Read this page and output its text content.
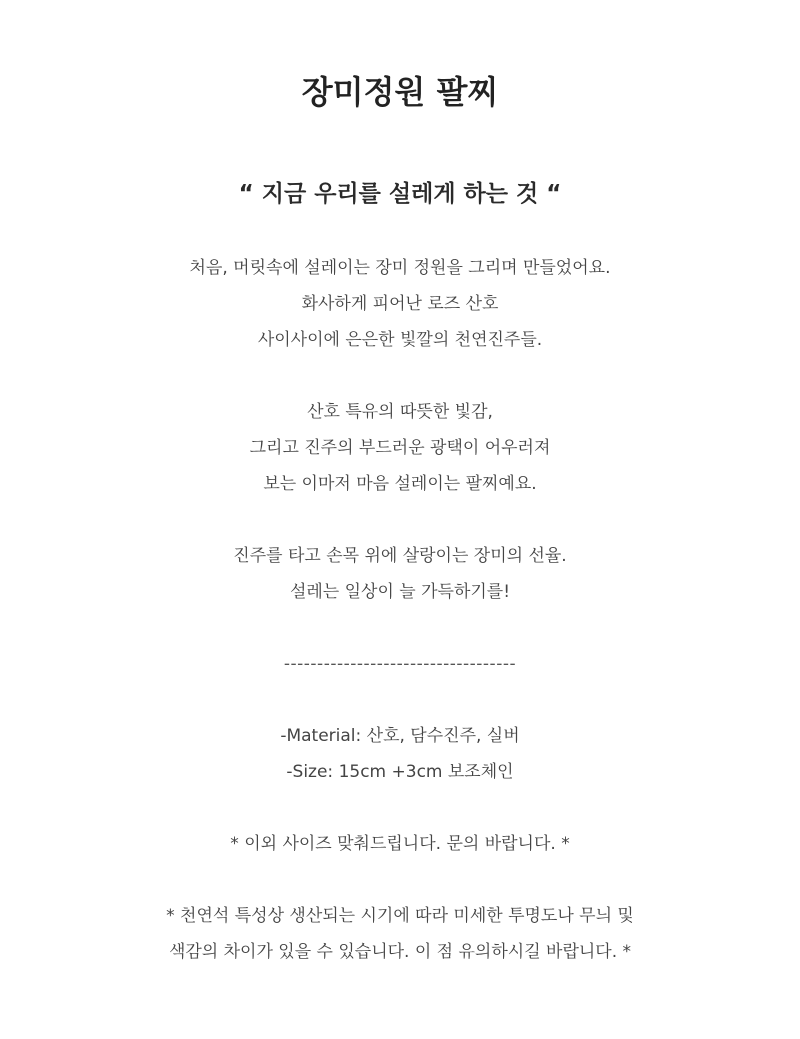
장미정원 팔찌
“ 지금 우리를 설레게 하는 것 “
처음, 머릿속에 설레이는 장미 정원을 그리며 만들었어요.
화사하게 피어난 로즈 산호
사이사이에 은은한 빛깔의 천연진주들.
산호 특유의 따뜻한 빛감,
그리고 진주의 부드러운 광택이 어우러져
보는 이마저 마음 설레이는 팔찌예요.
진주를 타고 손목 위에 살랑이는 장미의 선율.
설레는 일상이 늘 가득하기를!
-----------------------------------
-Material: 산호, 담수진주, 실버
-Size: 15cm +3cm 보조체인
* 이외 사이즈 맞춰드립니다. 문의 바랍니다. *
* 천연석 특성상 생산되는 시기에 따라 미세한 투명도나 무늬 및
색감의 차이가 있을 수 있습니다. 이 점 유의하시길 바랍니다. *
